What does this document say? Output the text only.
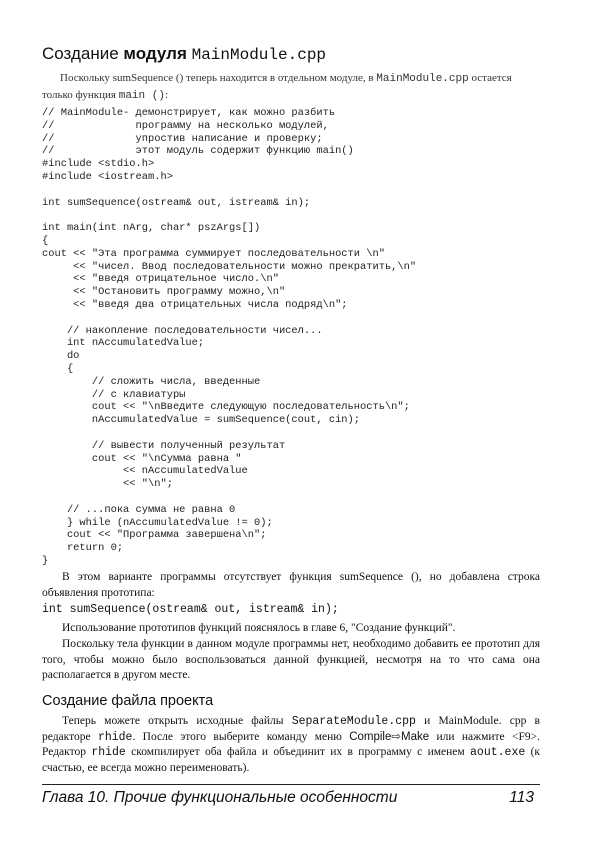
Создание модуля MainModule.cpp
Поскольку sumSequence () теперь находится в отдельном модуле, в MainModule.cpp остается только функция main ():
// MainModule- демонстрирует, как можно разбить
//             программу на несколько модулей,
//             упростив написание и проверку;
//             этот модуль содержит функцию main()
#include <stdio.h>
#include <iostream.h>

int sumSequence(ostream& out, istream& in);

int main(int nArg, char* pszArgs[])
{
cout << "Эта программа суммирует последовательности \n"
<< "чисел. Ввод последовательности можно прекратить,\n"
<< "введя отрицательное число.\n"
<< "Остановить программу можно,\n"
<< "введя два отрицательных числа подряд\n";

// накопление последовательности чисел...
int nAccumulatedValue;
do
{
// сложить числа, введенные
// с клавиатуры
cout << "\nВведите следующую последовательность\n";
nAccumulatedValue = sumSequence(cout, cin);

// вывести полученный результат
cout << "\nСумма равна "
<< nAccumulatedValue
<< "\n";

// ...пока сумма не равна 0
} while (nAccumulatedValue != 0);
cout << "Программа завершена\n";
return 0;
}
В этом варианте программы отсутствует функция sumSequence (), но добавлена строка объявления прототипа:
int sumSequence(ostream& out, istream& in);
Использование прототипов функций пояснялось в главе 6, "Создание функций".
Поскольку тела функции в данном модуле программы нет, необходимо добавить ее прототип для того, чтобы можно было воспользоваться данной функцией, несмотря на то что сама она располагается в другом месте.
Создание файла проекта
Теперь можете открыть исходные файлы SeparateModule.cpp и MainModule. cpp в редакторе rhide. После этого выберите команду меню Compile⇨Make или нажмите <F9>. Редактор rhide скомпилирует оба файла и объединит их в программу с именем aout.exe (к счастью, ее всегда можно переименовать).
Глава 10. Прочие функциональные особенности	113
